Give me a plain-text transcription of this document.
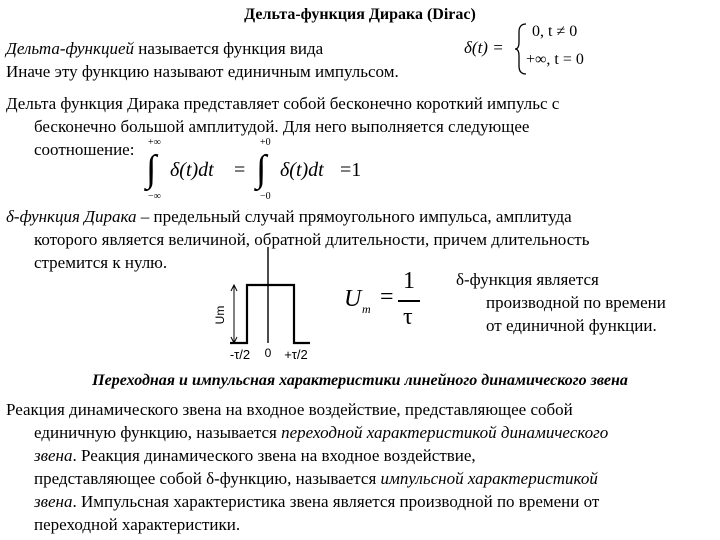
Дельта-функция Дирака (Dirac)
Дельта-функцией называется функция вида
Иначе эту функцию называют единичным импульсом.
δ(t) =
0, t ≠ 0
+∞, t = 0
Дельта функция Дирака представляет собой бесконечно короткий импульс с
бесконечно большой амплитудой. Для него выполняется следующее
соотношение: +∞
∫
−∞
δ(t)dt =
+0
∫
−0
δ(t)dt =1
δ-функция Дирака – предельный случай прямоугольного импульса, амплитуда
которого является величиной, обратной длительности, причем длительность
стремится к нулю.
Um
-τ/2 0 +τ/2
U m =
1
τ
δ-функция является
производной по времени
от единичной функции.
Переходная и импульсная характеристики линейного динамического звена
Реакция динамического звена на входное воздействие, представляющее собой
единичную функцию, называется переходной характеристикой динамического
звена. Реакция динамического звена на входное воздействие,
представляющее собой δ-функцию, называется импульсной характеристикой
звена. Импульсная характеристика звена является производной по времени от
переходной характеристики.
